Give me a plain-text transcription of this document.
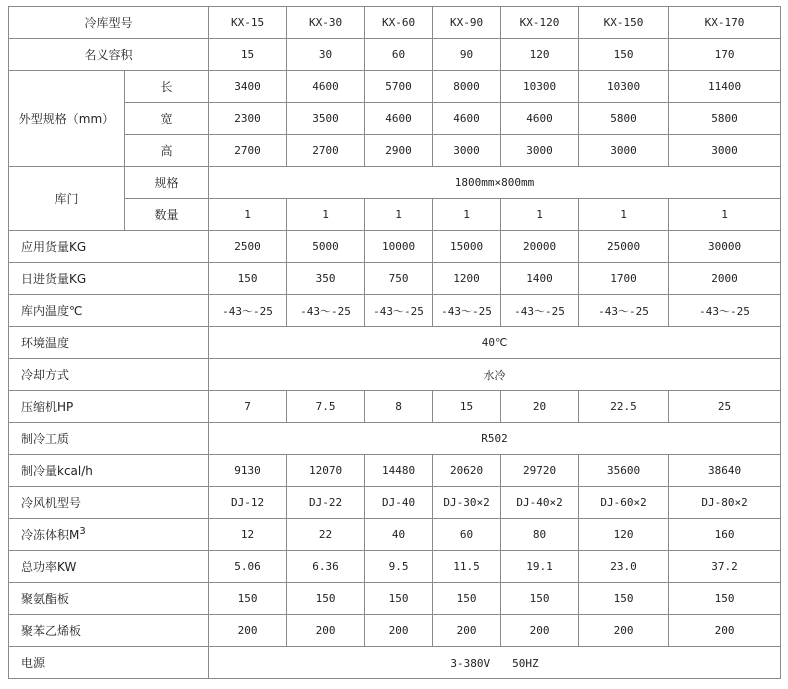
冷库型号		KX-15	KX-30	KX-60	KX-90	KX-120	KX-150	KX-170
名义容积		15	30	60	90	120	150	170
外型规格（mm）	长	3400	4600	5700	8000	10300	10300	11400
	宽	2300	3500	4600	4600	4600	5800	5800
	高	2700	2700	2900	3000	3000	3000	3000
库门	规格	1800mm×800mm						
	数量	1	1	1	1	1	1	1
应用货量KG		2500	5000	10000	15000	20000	25000	30000
日进货量KG		150	350	750	1200	1400	1700	2000
库内温度℃		-43～-25	-43～-25	-43～-25	-43～-25	-43～-25	-43～-25	-43～-25
环境温度		40℃						
冷却方式		水冷						
压缩机HP		7	7.5	8	15	20	22.5	25
制冷工质		R502						
制冷量kcal/h		9130	12070	14480	20620	29720	35600	38640
冷风机型号		DJ-12	DJ-22	DJ-40	DJ-30×2	DJ-40×2	DJ-60×2	DJ-80×2
冷冻体积$M^3$		12	22	40	60	80	120	160
总功率KW		5.06	6.36	9.5	11.5	19.1	23.0	37.2
聚氨酯板		150	150	150	150	150	150	150
聚苯乙烯板		200	200	200	200	200	200	200
电源		3-380V　　50HZ						
